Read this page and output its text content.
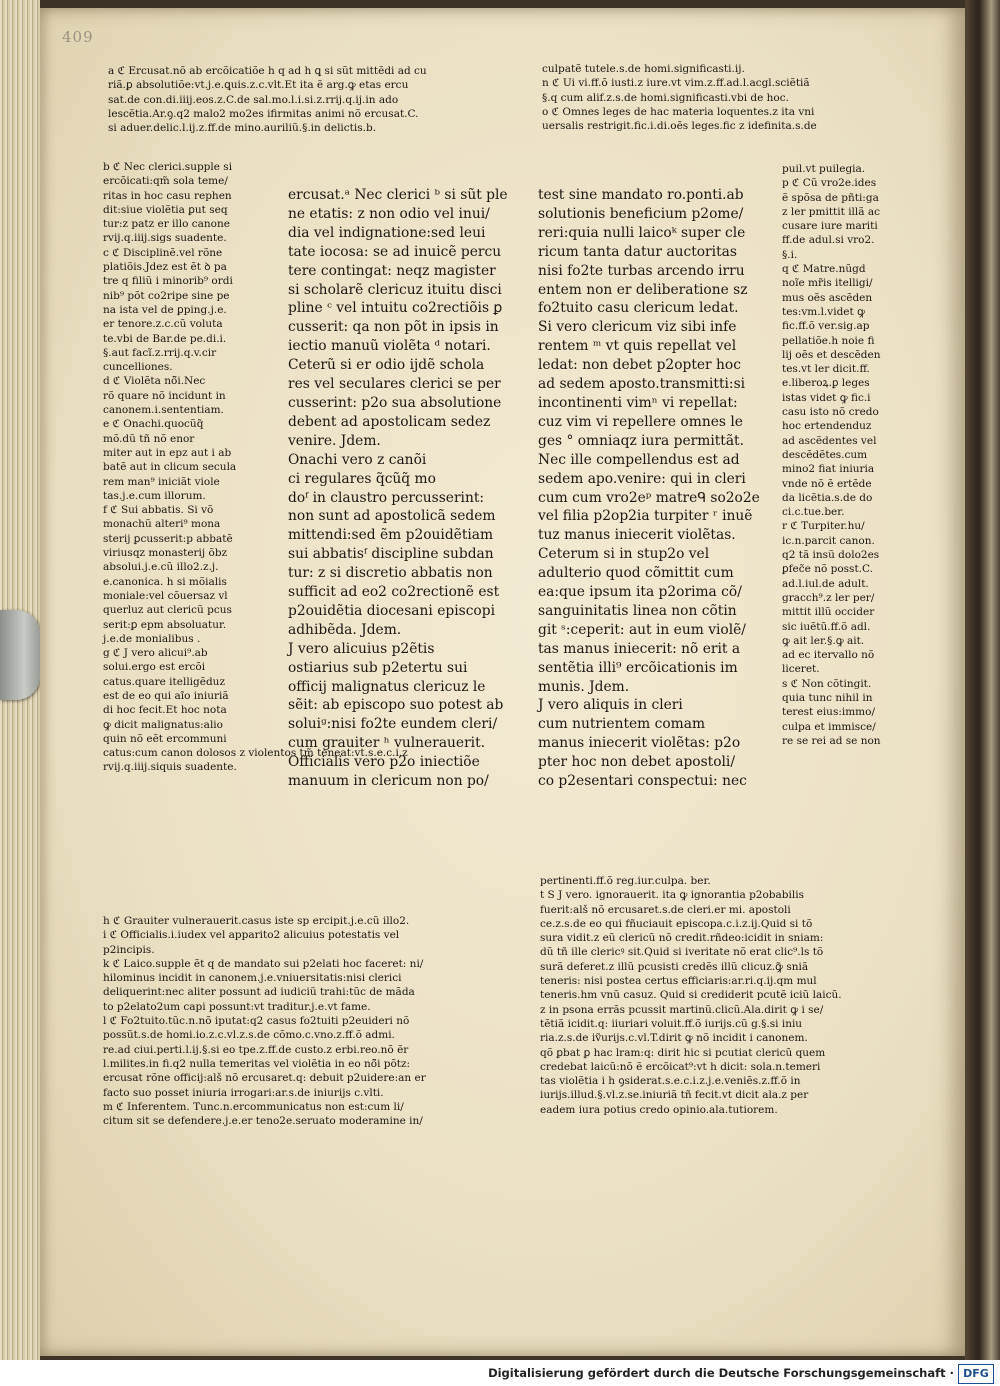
409

a ℭ Ercusat.nõ ab ercõicatiõe h q ad h ꝗ si sũt mittẽdi ad cu

riã.ꝑ absolutiõe:vt.j.e.ꝗuis.z.c.vlt.Et ita ẽ arg.ꝙ etas ercu

sat.de con.di.iiij.eos.z.C.de sal.mo.l.i.si.z.rrij.q.ij.in ado

lescẽtia.Ar.ꝯ.q2 malo2 mo2es ifirmitas animi nõ ercusat.C.

si aduer.delic.l.ij.z.ff.de mino.auriliũ.§.in delictis.b.

b ℭ Nec clerici.supple si

ercõicati:qm̃ sola teme/

ritas in hoc casu rephen

dit:siue violẽtia ꝑut seq

tur:z patz er illo canone

rvij.q.iiij.sigs suadente.

c ℭ Disciplinẽ.vel rõne

platiõis.Jdez est ẽt ꝺ pa

tre q filiũ i minorib⁹ ordi

nib⁹ põt co2ripe sine pe

na ista vel de ꝑping.j.e.

er tenore.z.c.cũ voluta

te.vbi de Bar.de pe.di.i.

§.aut facĩ.z.rrij.q.v.cir

cuncelliones.

d ℭ Violẽta nõ̃i.Nec

rõ quare nõ incidunt in

canonem.i.sententiam.

e ℭ Onachi.quocũq̃

mõ.dũ tñ nõ enor

miter aut in epz aut i ab

batẽ aut in clicum secula

rem man⁹ iniciãt viole

tas.j.e.cum illorum.

f ℭ Sui abbatis. Si võ

monachũ alteri⁹ mona

sterij ꝑcusserit:p abbatẽ

viriusqz monasterij õbz

absolui.j.e.cũ illo2.z.j.

e.canonica. h si mõialis

moniale:vel cõuersaz vl

querluz aut clericũ pcus

serit:ꝑ epm absoluatur.

j.e.de monialibus .

g ℭ J vero alicui⁹.ab

solui.ergo est ercõi

catus.quare itelligẽduz

est de eo qui aĩo iniuriã

di hoc fecit.Et hoc nota

ꝙ dicit malignatus:alio

quin nõ eẽt ercommuni

catus:cum canon dolosos z violentos tm̃ teneat:vt.s.e.c.i.z

rvij.q.iiij.siquis suadente.

ercusat.ᵃ Nec clerici ᵇ si sũt ple

ne etatis: z non odio vel inui/

dia vel indignatione:sed leui

tate iocosa: se ad inuicẽ percu

tere contingat: neqz magister

si scholarẽ clericuz ituitu disci

pline ᶜ vel intuitu co2rectiõis ꝑ

cusserit: qa non põt in ipsis in

iectio manuũ violẽta ᵈ notari.

Ceterũ si er odio ijdẽ schola

res vel seculares clerici se per

cusserint: p2o sua absolutione

debent ad apostolicam sedez

venire. Jdem.

Onachi vero z canõi

ci regulares q̃cũq̃ mo

doᶠ in claustro percusserint:

non sunt ad apostolicã sedem

mittendi:sed ẽm p2ouidẽtiam

sui abbatisᶠ discipline subdan

tur: z si discretio abbatis non

sufficit ad eo2 co2rectionẽ est

p2ouidẽtia diocesani episcopi

adhibẽda. Jdem.

J vero alicuius p2ẽtis

ostiarius sub p2etertu sui

officij malignatus clericuz le

sẽit: ab episcopo suo potest ab

soluiᵍ:nisi fo2te eundem cleri/

cum grauiter ʰ vulnerauerit.

Officialis vero p2o iniectiõe

manuum in clericum non po/

culpatẽ tutele.s.de homi.significasti.ij.

n ℭ Ui vi.ff.õ iusti.z iure.vt vim.z.ff.ad.l.acgl.sciẽtiã

§.q cum alif.z.s.de homi.significasti.vbi de hoc.

o ℭ Omnes leges de hac materia loquentes.z ita vni

uersalis restrigit.fic.i.di.oẽs leges.fic z idefinita.s.de

test sine mandato ro.ponti.ab

solutionis beneficium p2ome/

reri:quia nulli laicoᵏ super cle

ricum tanta datur auctoritas

nisi fo2te turbas arcendo irru

entem non er deliberatione sz

fo2tuito casu clericum ledat.

Si vero clericum viz sibi infe

rentem ᵐ vt quis repellat vel

ledat: non debet p2opter hoc

ad sedem aposto.transmitti:si

incontinenti vimⁿ vi repellat:

cuz vim vi repellere omnes le

ges ° omniaqz iura permittãt.

Nec ille compellendus est ad

sedem apo.venire: qui in cleri

cum cum vro2eᵖ matreᑫ so2o2e

vel filia p2op2ia turpiter ʳ inuẽ

tuz manus iniecerit violẽtas.

Ceterum si in stup2o vel

adulterio quod cõmittit cum

ea:que ipsum ita p2orima cõ/

sanguinitatis linea non cõtin

git ˢ:ceperit: aut in eum violẽ/

tas manus iniecerit: nõ erit a

sentẽtia illi⁹ ercõicationis im

munis. Jdem.

J vero aliquis in cleri

cum nutrientem comam

manus iniecerit violẽtas: p2o

pter hoc non debet apostoli/

co p2esentari conspectui: nec

puil.vt puilegia.

p ℭ Cũ vro2e.ides

ẽ spõsa de pñti:ga

z ler pmittit illã ac

cusare iure mariti

ff.de adul.si vro2.

§.i.

q ℭ Matre.nũgd

noĩe mr̃is itelligi/

mus oẽs ascẽden

tes:vm.l.videt ꝙ

fic.ff.õ ver.sig.ap

pellatiõe.h noie fi

lij oẽs et descẽden

tes.vt ler dicit.ff.

e.liberoꝝ.ꝑ leges

istas videt ꝙ fic.i

casu isto nõ credo

hoc ertendenduz

ad ascẽdentes vel

descẽdẽtes.cum

mino2 fiat iniuria

vnde nõ ẽ ertẽde

da licẽtia.s.de do

ci.c.tue.ber.

r ℭ Turpiter.hu/

ic.n.parcit canon.

q2 tã insũ dolo2es

ꝑfec̃e nõ posst.C.

ad.l.iul.de adult.

gracch⁹.z ler per/

mittit illũ occider

sic iuẽtũ.ff.õ adl.

ꝙ ait ler.§.ꝙ ait.

ad ec itervallo nõ

liceret.

s ℭ Non cõtingit.

quia tunc nihil in

terest eius:immo/

culpa et immisce/

re se rei ad se non

pertinenti.ff.õ reg.iur.culpa. ber.

t S J vero. ignorauerit. ita ꝙ ignorantia p2obabilis

fuerit:alš nõ ercusaret.s.de cleri.er mi. apostoli

ce.z.s.de eo qui fñuciauit episcopa.c.i.z.ij.Quid si tõ

sura vidit.z eũ clericũ nõ credit.rñdeo:icidit in sniam:

dũ tñ ille clericꝰ sit.Quid si iveritate nõ erat clic⁹.ls tõ

surã deferet.z illũ pcusisti credẽs illũ clicuz.ꝙ̃ sniã

teneris: nisi postea certus efficiaris:ar.ri.q.ij.qm mul

teneris.hm vnũ casuz. Quid si crediderit pcutẽ iciũ laicũ.

z in psona errãs pcussit martinũ.clicũ.Ala.dirit ꝙ i se/

tẽtiã icidit.q: iiuriari voluit.ff.õ iurijs.cũ g.§.si iniu

ria.z.s.de iṽurijs.c.vl.T.dirit ꝙ nõ incidit i canonem.

qõ ꝑbat ꝑ hac lram:q: dirit hic si pcutiat clericũ quem

credebat laicũ:nõ ẽ ercõicat⁹:vt h dicit: sola.n.temeri

tas violẽtia i h ꝯsiderat.s.e.c.i.z.j.e.veniẽs.z.ff.õ in

iurijs.illud.§.vl.z.se.iniuriã tñ fecit.vt dicit ala.z per

eadem iura potius credo opinio.ala.tutiorem.

h ℭ Grauiter vulnerauerit.casus iste sp ercipit.j.e.cũ illo2.

i ℭ Officialis.i.iudex vel apparito2 alicuius potestatis vel

p2incipis.

k ℭ Laico.supple ẽt q de mandato sui p2elati hoc faceret: ni/

hilominus incidit in canonem.j.e.vniuersitatis:nisi clerici

deliquerint:nec aliter possunt ad iudiciũ trahi:tũc de mãda

to p2elato2um capi possunt:vt traditur.j.e.vt fame.

l ℭ Fo2tuito.tũc.n.nõ iputat:q2 casus fo2tuiti p2euideri nõ

possũt.s.de homi.io.z.c.vl.z.s.de cõmo.c.vno.z.ff.õ admi.

re.ad ciui.perti.l.ij.§.si eo tpe.z.ff.de custo.z erbi.reo.nõ ẽr

l.milites.in fi.q2 nulla temeritas vel violẽtia in eo nõ̃i põtz:

ercusat rõne officij:alš nõ ercusaret.q: debuit p2uidere:an er

facto suo posset iniuria irrogari:ar.s.de iniurijs c.vlti.

m ℭ Inferentem. Tunc.n.ercommunicatus non est:cum li/

citum sit se defendere.j.e.er teno2e.seruato moderamine in/

Digitalisierung gefördert durch die Deutsche Forschungsgemeinschaft · DFG
